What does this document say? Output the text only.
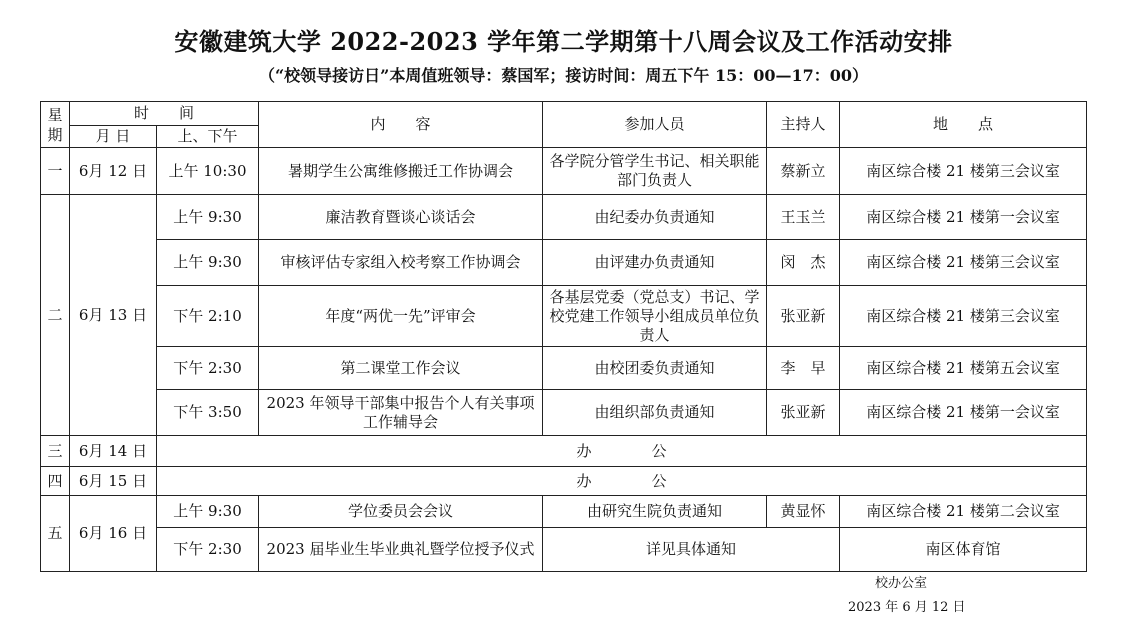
安徽建筑大学 2022-2023 学年第二学期第十八周会议及工作活动安排
（“校领导接访日”本周值班领导：蔡国军；接访时间：周五下午 15：00—17：00）
星期	时　　间		内　　容	参加人员	主持人	地　　点
	月 日	上、下午				
一	6月 12 日	上午 10:30	暑期学生公寓维修搬迁工作协调会	各学院分管学生书记、相关职能部门负责人	蔡新立	南区综合楼 21 楼第三会议室
二	6月 13 日	上午 9:30	廉洁教育暨谈心谈话会	由纪委办负责通知	王玉兰	南区综合楼 21 楼第一会议室
		上午 9:30	审核评估专家组入校考察工作协调会	由评建办负责通知	闵　杰	南区综合楼 21 楼第三会议室
		下午 2:10	年度“两优一先”评审会	各基层党委（党总支）书记、学校党建工作领导小组成员单位负责人	张亚新	南区综合楼 21 楼第三会议室
		下午 2:30	第二课堂工作会议	由校团委负责通知	李　早	南区综合楼 21 楼第五会议室
		下午 3:50	2023 年领导干部集中报告个人有关事项工作辅导会	由组织部负责通知	张亚新	南区综合楼 21 楼第一会议室
三	6月 14 日	办　　　　公				
四	6月 15 日	办　　　　公				
五	6月 16 日	上午 9:30	学位委员会会议	由研究生院负责通知	黄显怀	南区综合楼 21 楼第二会议室
		下午 2:30	2023 届毕业生毕业典礼暨学位授予仪式	详见具体通知		南区体育馆
校办公室
2023 年 6 月 12 日
